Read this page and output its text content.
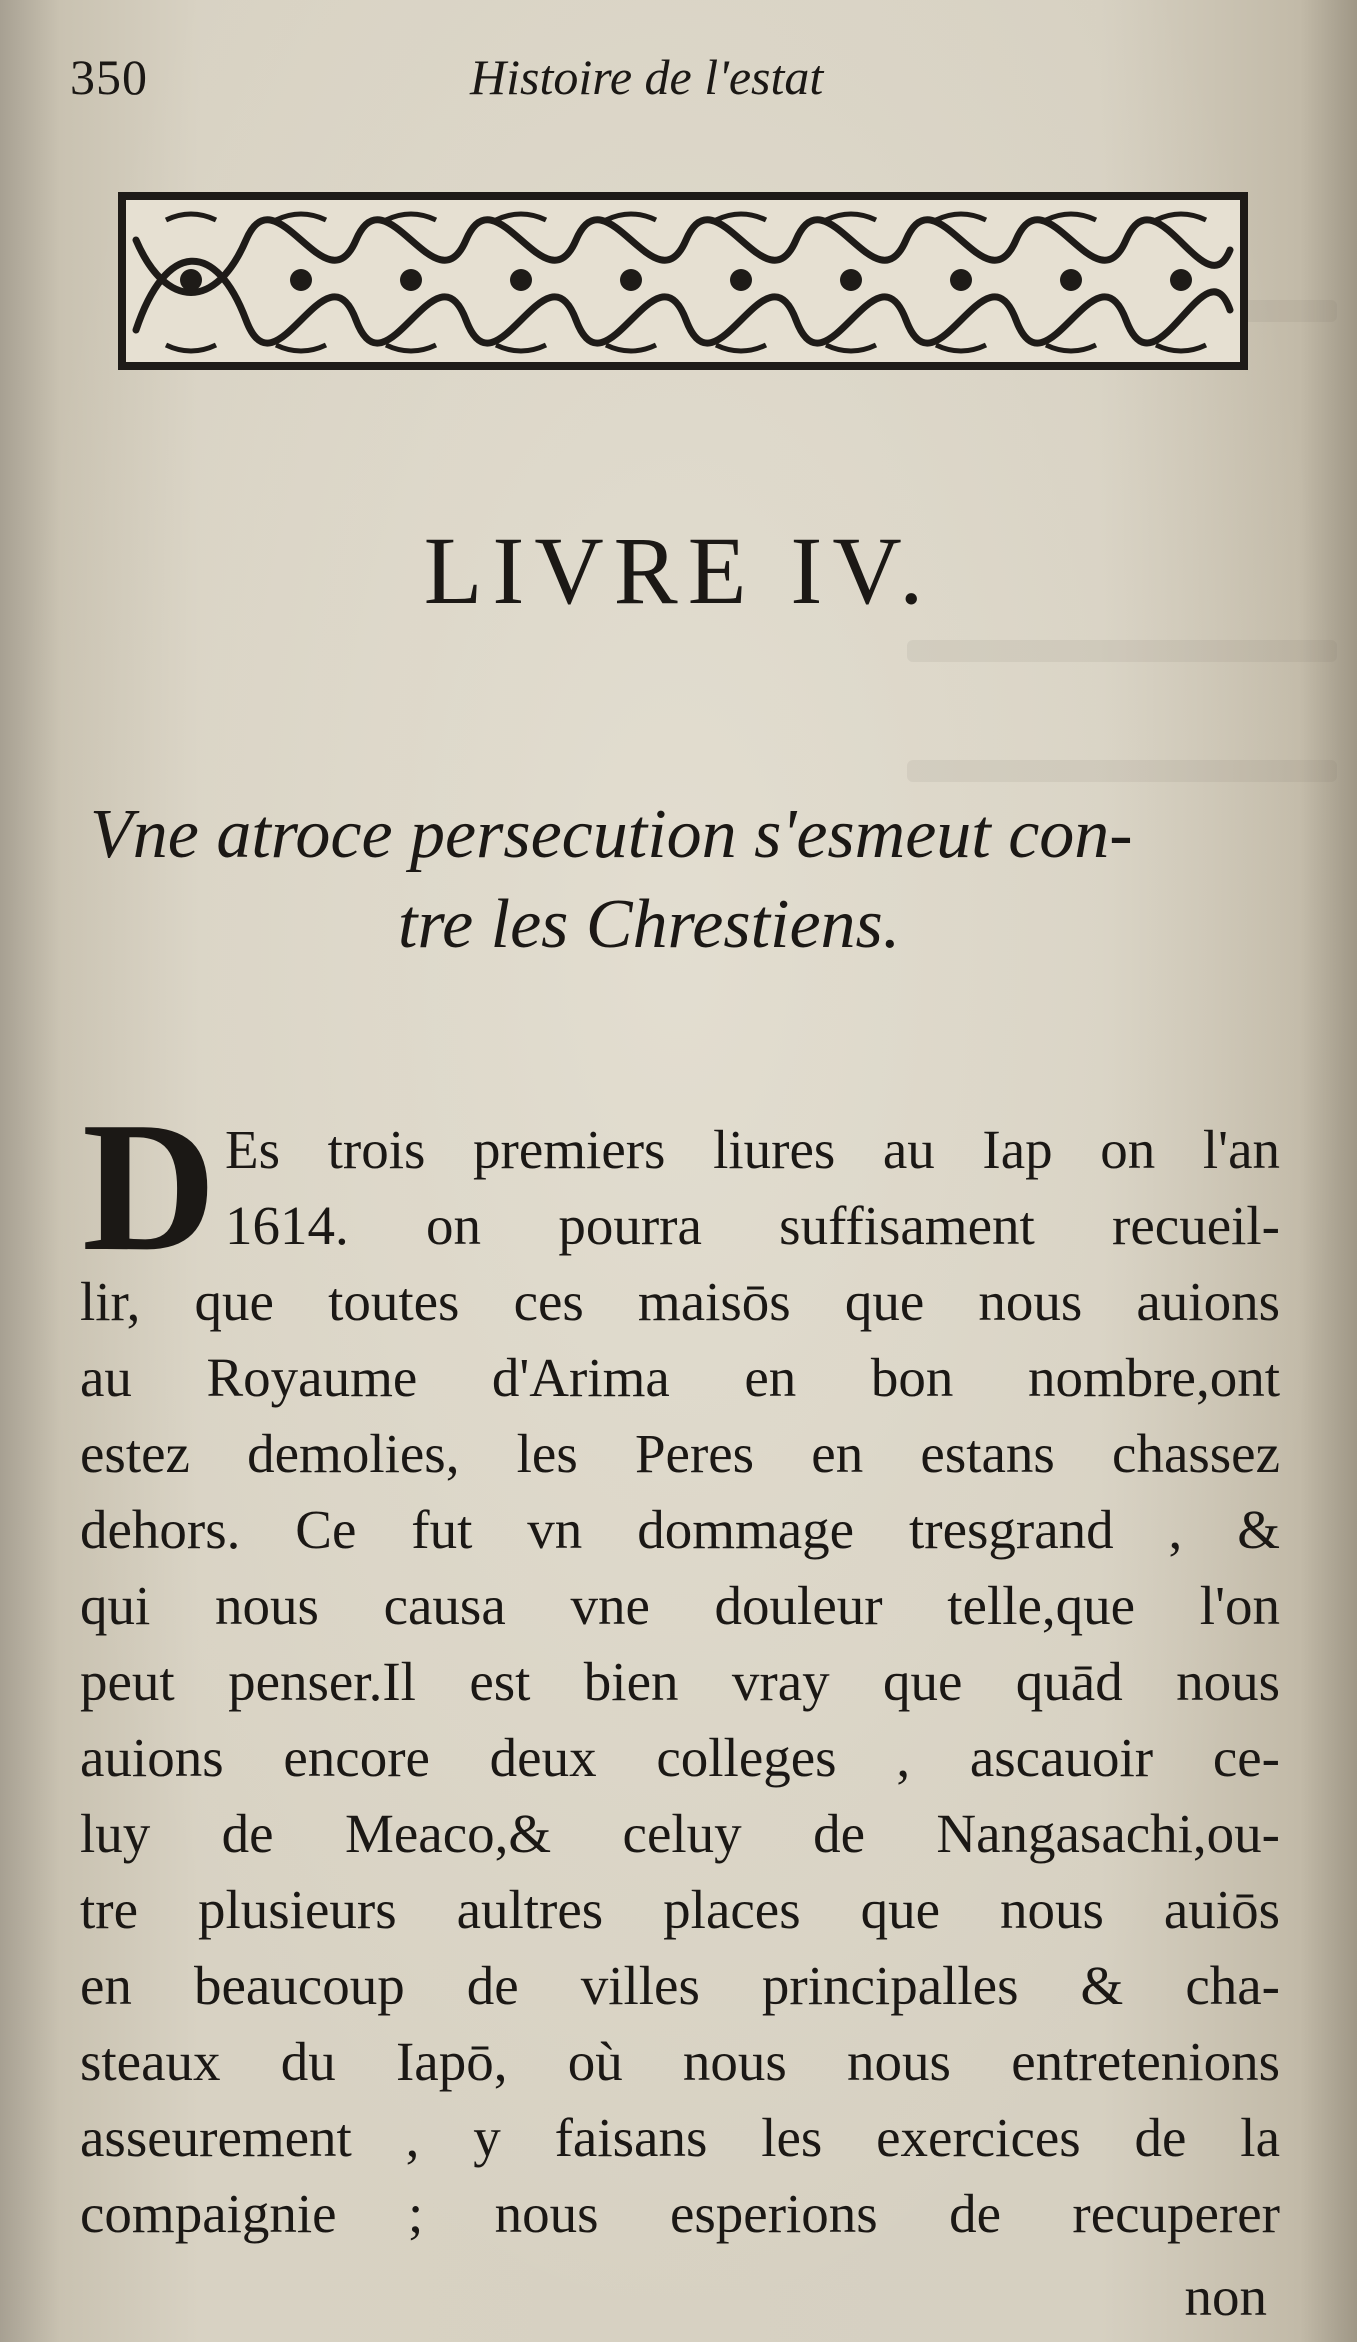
350	Histoire de l'estat
LIVRE IV.
Vne atroce persecution s'esmeut con-
tre les Chrestiens.
D Es trois premiers liures au Iap on l'an
1614. on pourra suffisament recueil-
lir, que toutes ces maisōs que nous auions
au Royaume d'Arima en bon nombre,ont
estez demolies, les Peres en estans chassez
dehors. Ce fut vn dommage tresgrand , &
qui nous causa vne douleur telle,que l'on
peut penser.Il est bien vray que quād nous
auions encore deux colleges , ascauoir ce-
luy de Meaco,& celuy de Nangasachi,ou-
tre plusieurs aultres places que nous auiōs
en beaucoup de villes principalles & cha-
steaux du Iapō, où nous nous entretenions
asseurement , y faisans les exercices de la
compaignie ; nous esperions de recuperer
non
